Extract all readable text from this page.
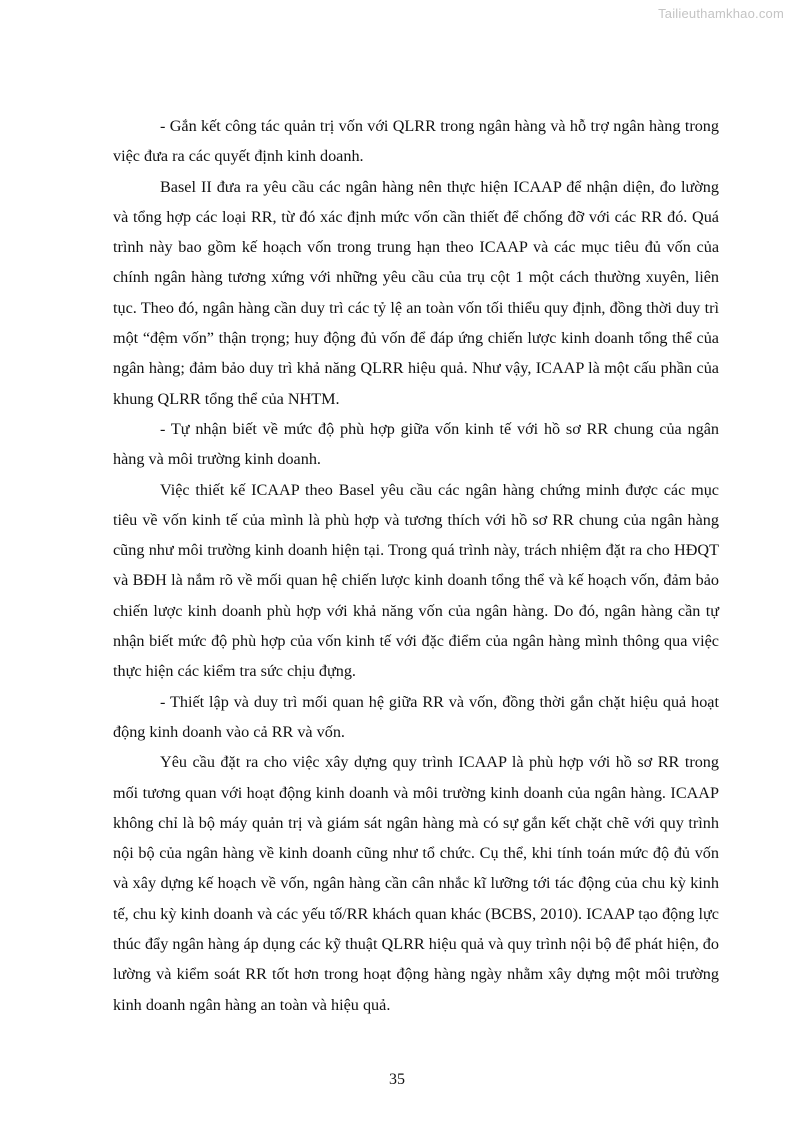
Tailieuthamkhao.com

- Gắn kết công tác quản trị vốn với QLRR trong ngân hàng và hỗ trợ ngân hàng trong việc đưa ra các quyết định kinh doanh.

Basel II đưa ra yêu cầu các ngân hàng nên thực hiện ICAAP để nhận diện, đo lường và tổng hợp các loại RR, từ đó xác định mức vốn cần thiết để chống đỡ với các RR đó. Quá trình này bao gồm kế hoạch vốn trong trung hạn theo ICAAP và các mục tiêu đủ vốn của chính ngân hàng tương xứng với những yêu cầu của trụ cột 1 một cách thường xuyên, liên tục. Theo đó, ngân hàng cần duy trì các tỷ lệ an toàn vốn tối thiểu quy định, đồng thời duy trì một “đệm vốn” thận trọng; huy động đủ vốn để đáp ứng chiến lược kinh doanh tổng thể của ngân hàng; đảm bảo duy trì khả năng QLRR hiệu quả. Như vậy, ICAAP là một cấu phần của khung QLRR tổng thể của NHTM.

- Tự nhận biết về mức độ phù hợp giữa vốn kinh tế với hồ sơ RR chung của ngân hàng và môi trường kinh doanh.

Việc thiết kế ICAAP theo Basel yêu cầu các ngân hàng chứng minh được các mục tiêu về vốn kinh tế của mình là phù hợp và tương thích với hồ sơ RR chung của ngân hàng cũng như môi trường kinh doanh hiện tại. Trong quá trình này, trách nhiệm đặt ra cho HĐQT và BĐH là nắm rõ về mối quan hệ chiến lược kinh doanh tổng thể và kế hoạch vốn, đảm bảo chiến lược kinh doanh phù hợp với khả năng vốn của ngân hàng. Do đó, ngân hàng cần tự nhận biết mức độ phù hợp của vốn kinh tế với đặc điểm của ngân hàng mình thông qua việc thực hiện các kiểm tra sức chịu đựng.

- Thiết lập và duy trì mối quan hệ giữa RR và vốn, đồng thời gắn chặt hiệu quả hoạt động kinh doanh vào cả RR và vốn.

Yêu cầu đặt ra cho việc xây dựng quy trình ICAAP là phù hợp với hồ sơ RR trong mối tương quan với hoạt động kinh doanh và môi trường kinh doanh của ngân hàng. ICAAP không chỉ là bộ máy quản trị và giám sát ngân hàng mà có sự gắn kết chặt chẽ với quy trình nội bộ của ngân hàng về kinh doanh cũng như tổ chức. Cụ thể, khi tính toán mức độ đủ vốn và xây dựng kế hoạch về vốn, ngân hàng cần cân nhắc kĩ lưỡng tới tác động của chu kỳ kinh tế, chu kỳ kinh doanh và các yếu tố/RR khách quan khác (BCBS, 2010). ICAAP tạo động lực thúc đẩy ngân hàng áp dụng các kỹ thuật QLRR hiệu quả và quy trình nội bộ để phát hiện, đo lường và kiểm soát RR tốt hơn trong hoạt động hàng ngày nhằm xây dựng một môi trường kinh doanh ngân hàng an toàn và hiệu quả.

35
